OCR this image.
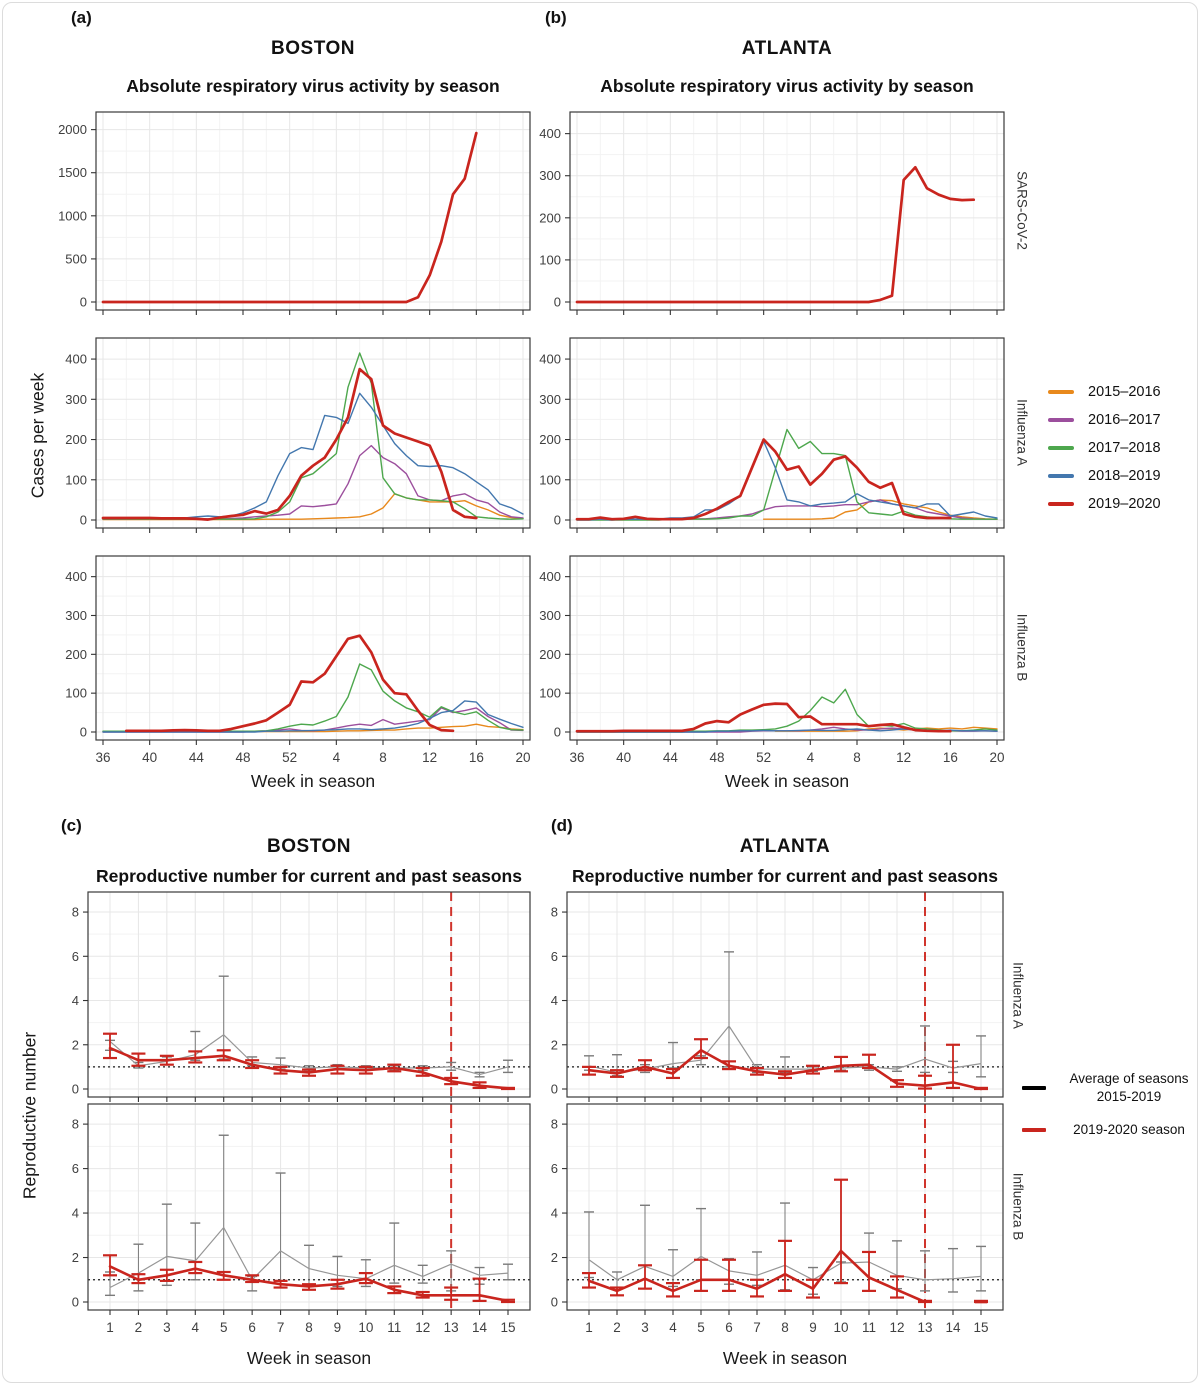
(a)	(b)
(c)	(d)
BOSTON	ATLANTA
Absolute respiratory virus activity by season	Absolute respiratory virus activity by season
BOSTON	ATLANTA
Reproductive number for current and past seasons	Reproductive number for current and past seasons
Cases per week
Reproductive number
Week in season	Week in season
Week in season	Week in season
SARS-CoV-2
Influenza A
Influenza B
Influenza A
Influenza B
2015–2016
2016–2017
2017–2018
2018–2019
2019–2020
Average of seasons 2015-2019
2019-2020 season
0
500
1000
1500
2000
0
100
200
300
400
0
100
200
300
400
0
100
200
300
400
36 40 44 48 52	4	8	12 16 20
0
100
200
300
400
36 40 44 48 52	4	8	12 16 20
0
100
200
300
400
0
2
4
6
8
0
2
4
6
8
1 2 3 4 5 6 7 8 9 10 11 12 13 14 15
0
2
4
6
8
1 2 3 4 5 6 7 8 9 10 11 12 13 14 15
0
2
4
6
8
